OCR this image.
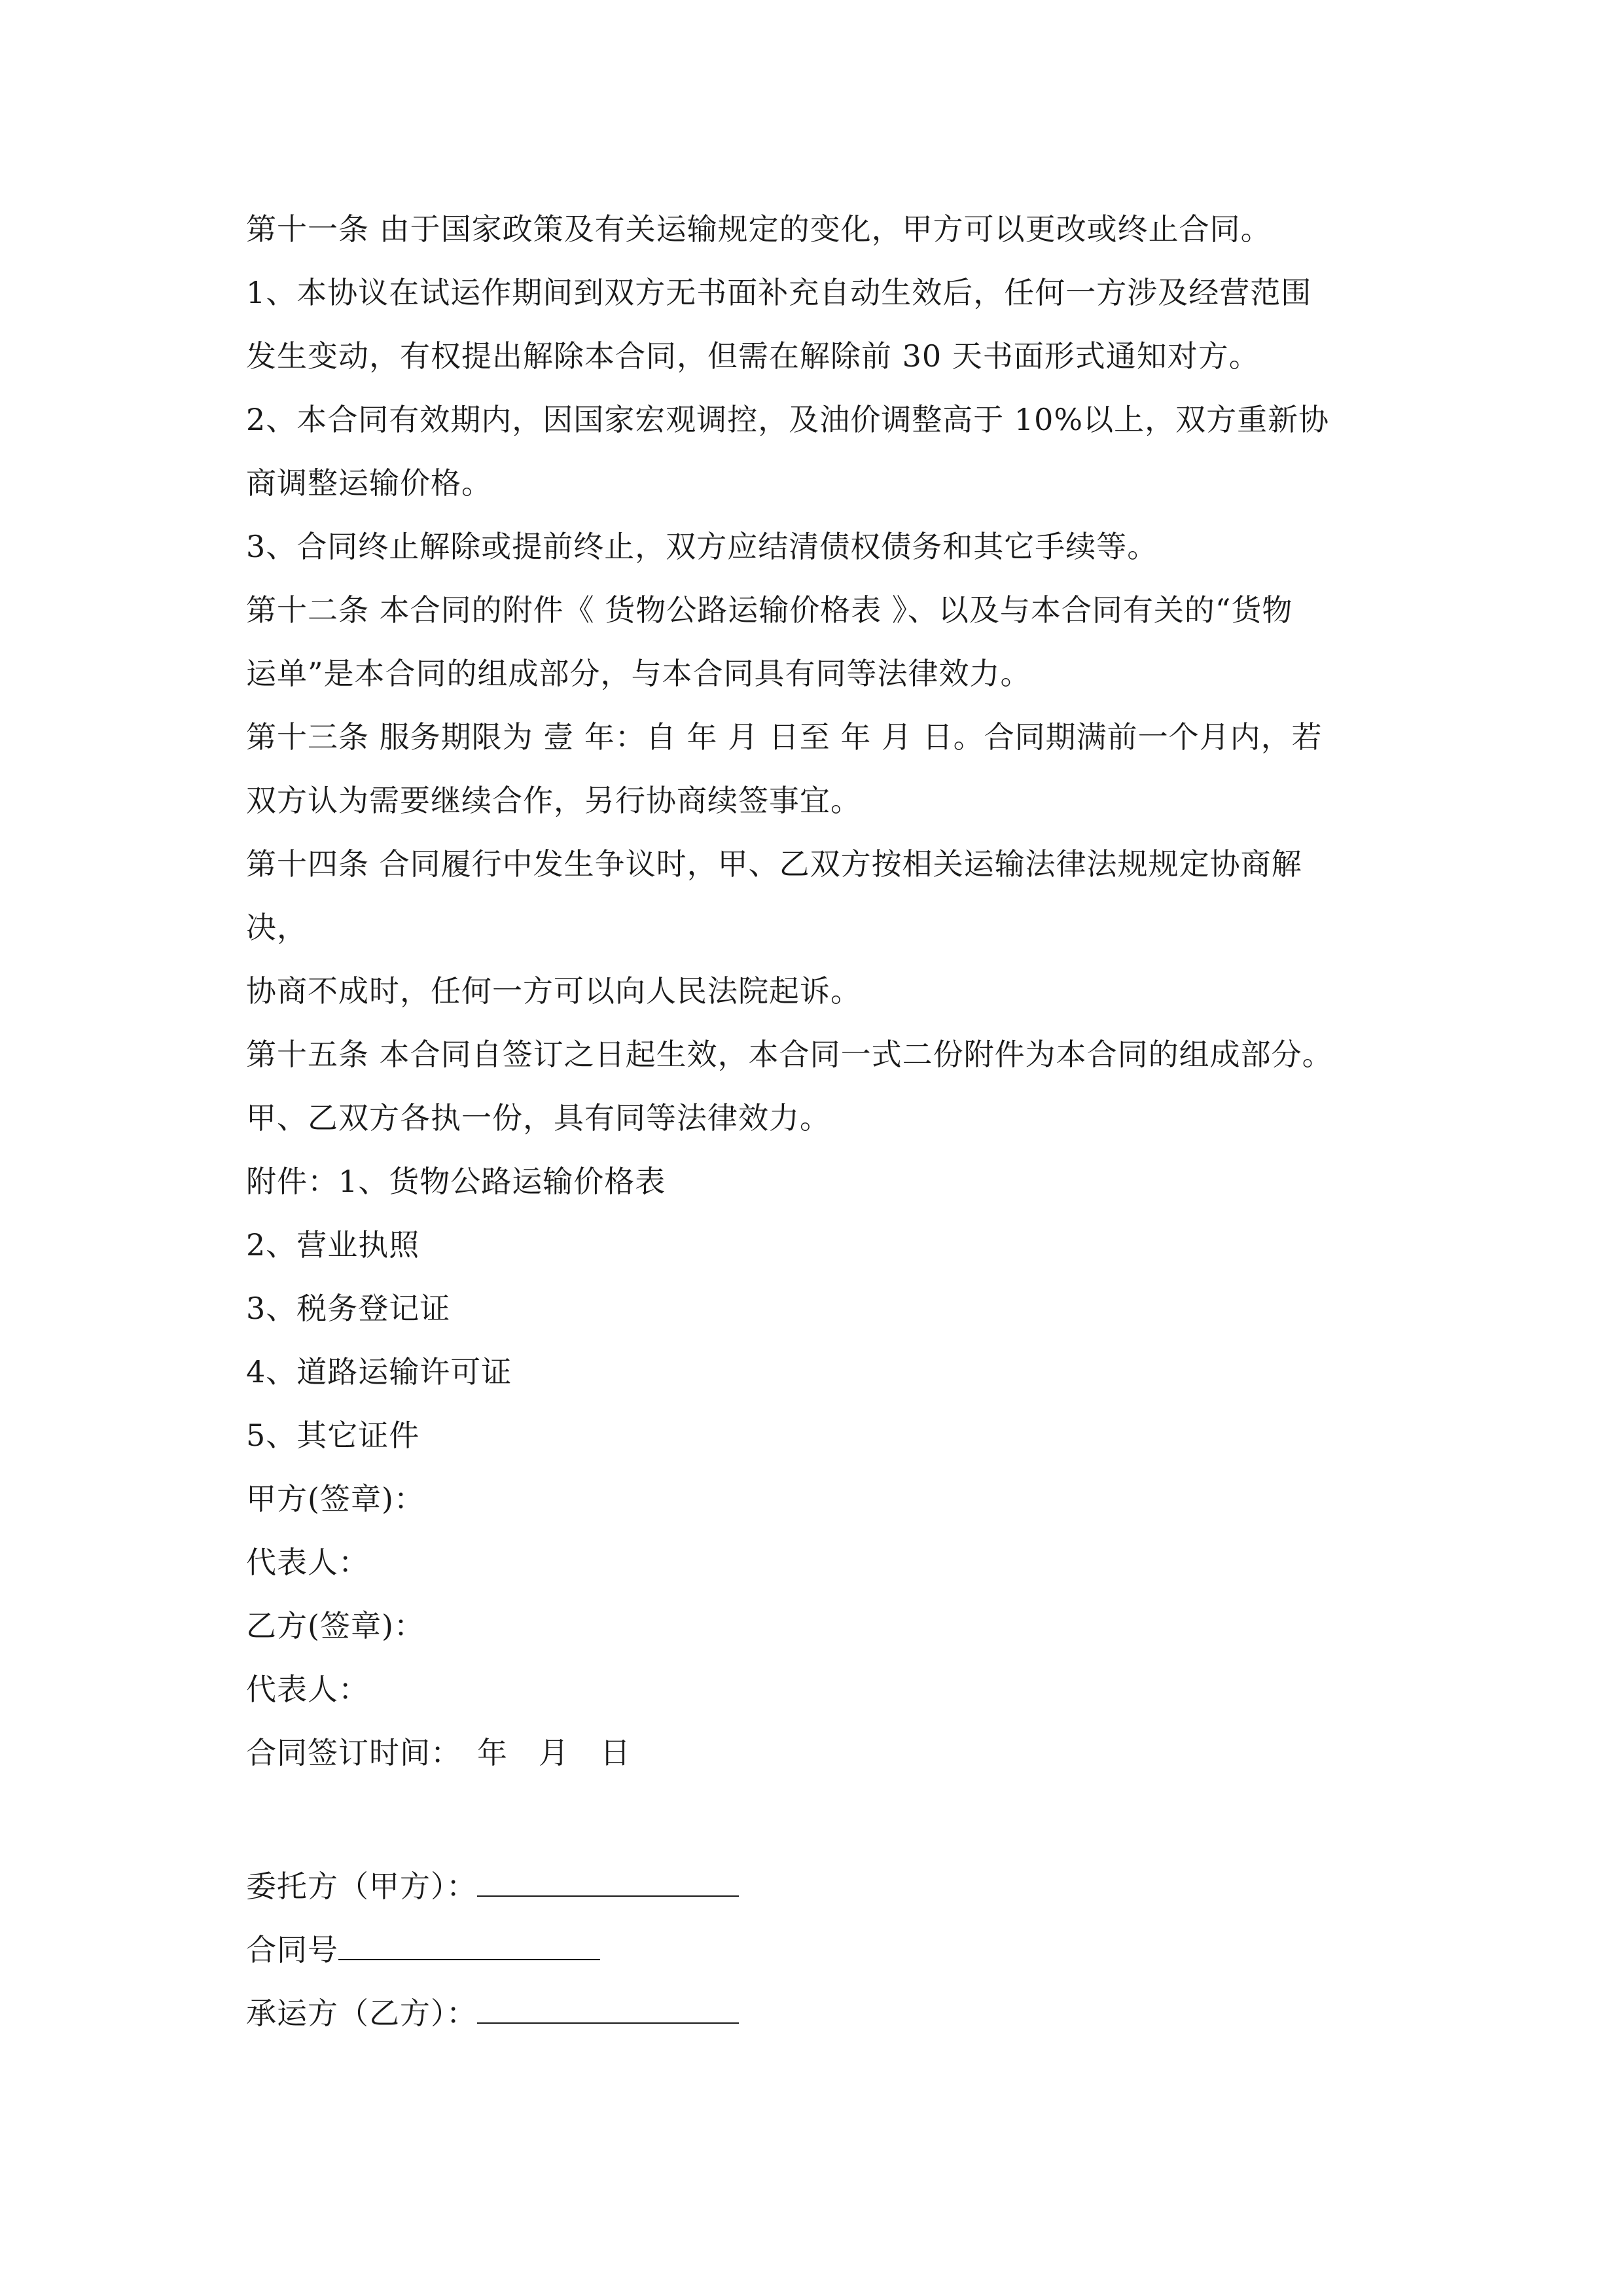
第十一条 由于国家政策及有关运输规定的变化，甲方可以更改或终止合同。
1、本协议在试运作期间到双方无书面补充自动生效后，任何一方涉及经营范围
发生变动，有权提出解除本合同，但需在解除前 30 天书面形式通知对方。
2、本合同有效期内，因国家宏观调控，及油价调整高于 10%以上，双方重新协
商调整运输价格。
3、合同终止解除或提前终止，双方应结清债权债务和其它手续等。
第十二条 本合同的附件《 货物公路运输价格表 》、以及与本合同有关的“货物
运单”是本合同的组成部分，与本合同具有同等法律效力。
第十三条 服务期限为 壹 年：自 年 月 日至 年 月 日。合同期满前一个月内，若
双方认为需要继续合作，另行协商续签事宜。
第十四条 合同履行中发生争议时，甲、乙双方按相关运输法律法规规定协商解
决，
协商不成时，任何一方可以向人民法院起诉。
第十五条 本合同自签订之日起生效，本合同一式二份附件为本合同的组成部分。
甲、乙双方各执一份，具有同等法律效力。
附件：1、货物公路运输价格表
2、营业执照
3、税务登记证
4、道路运输许可证
5、其它证件
甲方(签章)：
代表人：
乙方(签章)：
代表人：
合同签订时间：　年　月　日
委托方（甲方）：
合同号
承运方（乙方）：
